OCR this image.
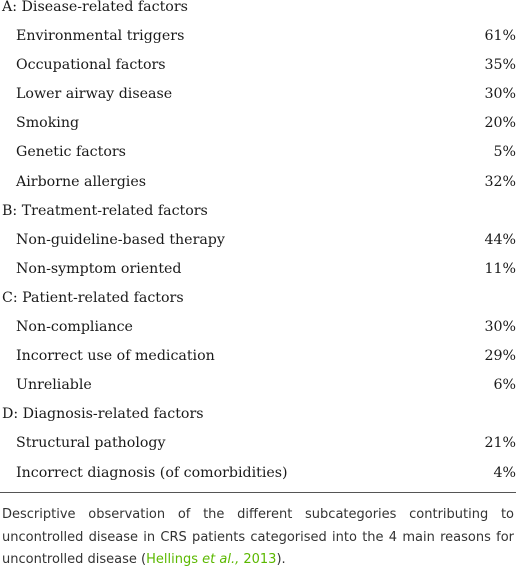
A: Disease-related factors
Environmental triggers	61%
Occupational factors	35%
Lower airway disease	30%
Smoking	20%
Genetic factors	5%
Airborne allergies	32%
B: Treatment-related factors
Non-guideline-based therapy	44%
Non-symptom oriented	11%
C: Patient-related factors
Non-compliance	30%
Incorrect use of medication	29%
Unreliable	6%
D: Diagnosis-related factors
Structural pathology	21%
Incorrect diagnosis (of comorbidities)	4%
Descriptive observation of the different subcategories contributing to uncontrolled disease in CRS patients categorised into the 4 main reasons for uncontrolled disease (Hellings et al., 2013).
